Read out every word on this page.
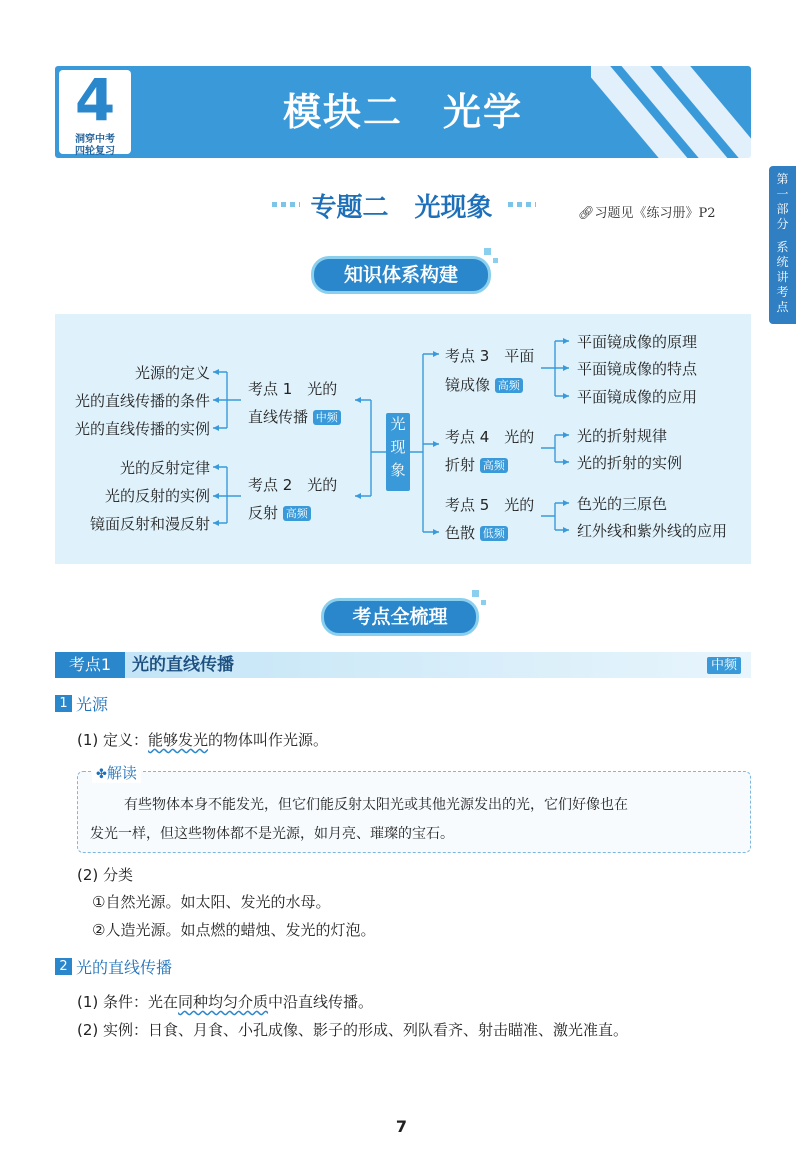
4
洞穿中考
四轮复习
模块二　光学
第
一
部
分
系
统
讲
考
点
专题二　光现象	🔗︎习题见《练习册》P2
知识体系构建
光
现
象
光源的定义
光的直线传播的条件
光的直线传播的实例
考点 1　光的
直线传播 中频
光的反射定律
光的反射的实例
镜面反射和漫反射
考点 2　光的
反射 高频
考点 3　平面
镜成像 高频
平面镜成像的原理
平面镜成像的特点
平面镜成像的应用
考点 4　光的
折射 高频
光的折射规律
光的折射的实例
考点 5　光的
色散 低频
色光的三原色
红外线和紫外线的应用
考点全梳理
考点1	光的直线传播	中频
1 光源
(1) 定义：能够发光的物体叫作光源。
有些物体本身不能发光，但它们能反射太阳光或其他光源发出的光，它们好像也在
发光一样，但这些物体都不是光源，如月亮、璀璨的宝石。
✤解读
(2) 分类
①自然光源。如太阳、发光的水母。
②人造光源。如点燃的蜡烛、发光的灯泡。
2 光的直线传播
(1) 条件：光在同种均匀介质中沿直线传播。
(2) 实例：日食、月食、小孔成像、影子的形成、列队看齐、射击瞄准、激光准直。
7
